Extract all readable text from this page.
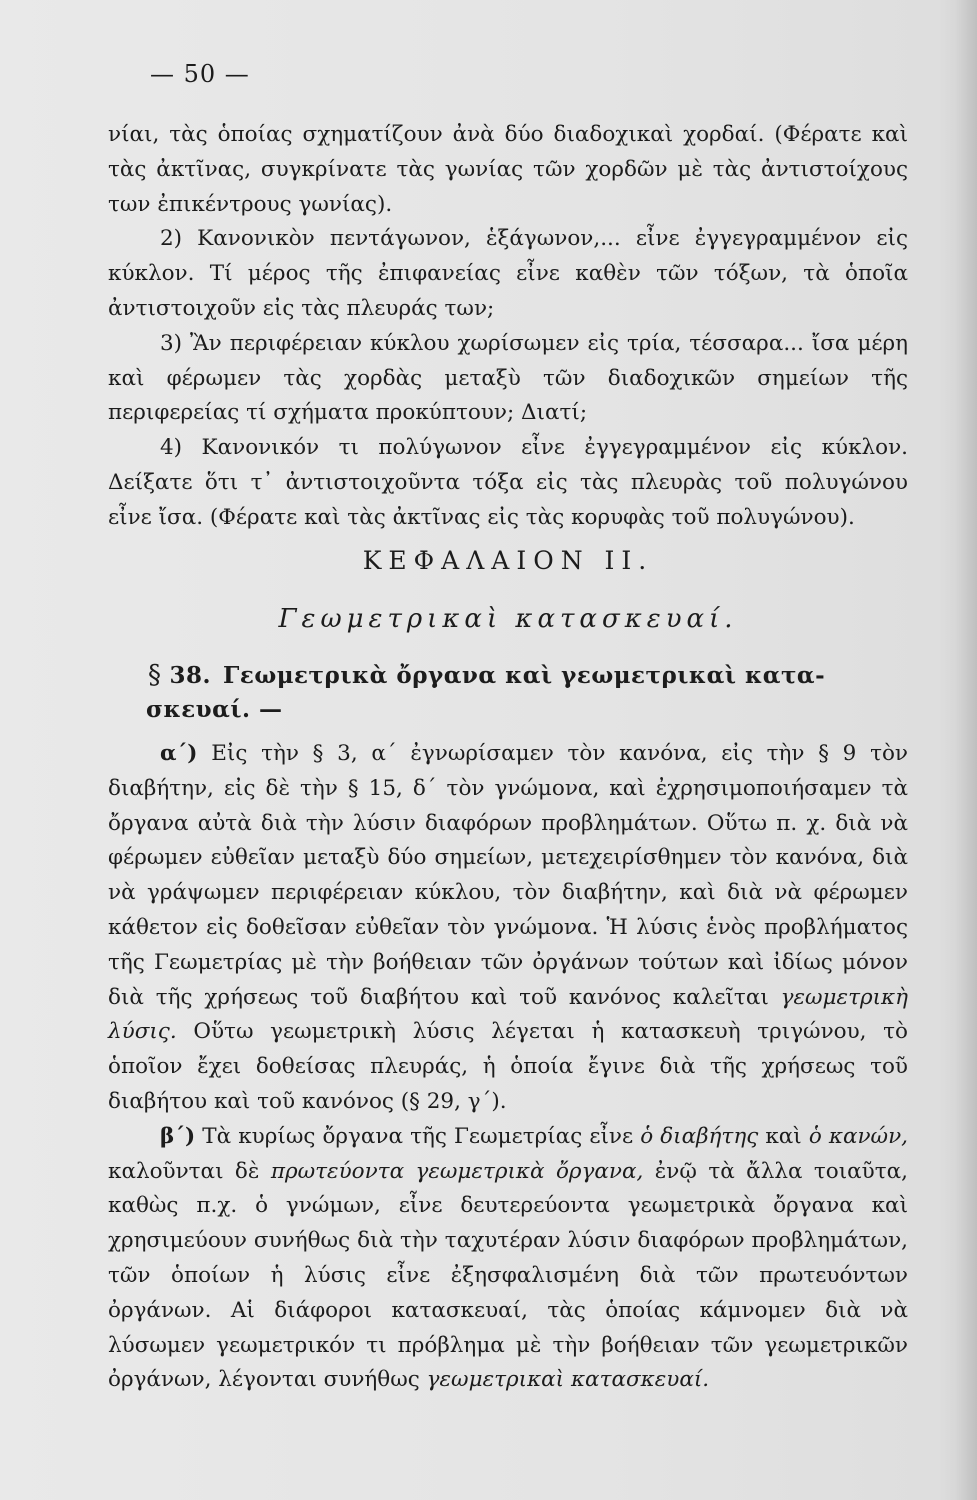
— 50 —

νίαι, τὰς ὁποίας σχηματίζουν ἀνὰ δύο διαδοχικαὶ χορδαί. (Φέρατε καὶ τὰς ἀκτῖνας, συγκρίνατε τὰς γωνίας τῶν χορδῶν μὲ τὰς ἀντιστοίχους των ἐπικέντρους γωνίας).

2) Κανονικὸν πεντάγωνον, ἑξάγωνον,... εἶνε ἐγγεγραμμένον εἰς κύκλον. Τί μέρος τῆς ἐπιφανείας εἶνε καθὲν τῶν τόξων, τὰ ὁποῖα ἀντιστοιχοῦν εἰς τὰς πλευράς των;

3) Ἂν περιφέρειαν κύκλου χωρίσωμεν εἰς τρία, τέσσαρα... ἴσα μέρη καὶ φέρωμεν τὰς χορδὰς μεταξὺ τῶν διαδοχικῶν σημείων τῆς περιφερείας τί σχήματα προκύπτουν; Διατί;

4) Κανονικόν τι πολύγωνον εἶνε ἐγγεγραμμένον εἰς κύκλον. Δείξατε ὅτι τ᾽ ἀντιστοιχοῦντα τόξα εἰς τὰς πλευρὰς τοῦ πολυγώνου εἶνε ἴσα. (Φέρατε καὶ τὰς ἀκτῖνας εἰς τὰς κορυφὰς τοῦ πολυγώνου).

ΚΕΦΑΛΑΙΟΝ ΙΙ.
Γεωμετρικαὶ κατασκευαί.
§ 38. Γεωμετρικὰ ὄργανα καὶ γεωμετρικαὶ κατα-
σκευαί. —

α΄) Εἰς τὴν § 3, α΄ ἐγνωρίσαμεν τὸν κανόνα, εἰς τὴν § 9 τὸν διαβήτην, εἰς δὲ τὴν § 15, δ΄ τὸν γνώμονα, καὶ ἐχρησιμοποιήσαμεν τὰ ὄργανα αὐτὰ διὰ τὴν λύσιν διαφόρων προβλημάτων. Οὕτω π. χ. διὰ νὰ φέρωμεν εὐθεῖαν μεταξὺ δύο σημείων, μετεχειρίσθημεν τὸν κανόνα, διὰ νὰ γράψωμεν περιφέρειαν κύκλου, τὸν διαβήτην, καὶ διὰ νὰ φέρωμεν κάθετον εἰς δοθεῖσαν εὐθεῖαν τὸν γνώμονα. Ἡ λύσις ἑνὸς προβλήματος τῆς Γεωμετρίας μὲ τὴν βοήθειαν τῶν ὀργάνων τούτων καὶ ἰδίως μόνον διὰ τῆς χρήσεως τοῦ διαβήτου καὶ τοῦ κανόνος καλεῖται γεωμετρικὴ λύσις. Οὕτω γεωμετρικὴ λύσις λέγεται ἡ κατασκευὴ τριγώνου, τὸ ὁποῖον ἔχει δοθείσας πλευράς, ἡ ὁποία ἔγινε διὰ τῆς χρήσεως τοῦ διαβήτου καὶ τοῦ κανόνος (§ 29, γ΄).

β΄) Τὰ κυρίως ὄργανα τῆς Γεωμετρίας εἶνε ὁ διαβήτης καὶ ὁ κανών, καλοῦνται δὲ πρωτεύοντα γεωμετρικὰ ὄργανα, ἐνῷ τὰ ἄλλα τοιαῦτα, καθὼς π.χ. ὁ γνώμων, εἶνε δευτερεύοντα γεωμετρικὰ ὄργανα καὶ χρησιμεύουν συνήθως διὰ τὴν ταχυτέραν λύσιν διαφόρων προβλημάτων, τῶν ὁποίων ἡ λύσις εἶνε ἐξησφαλισμένη διὰ τῶν πρωτευόντων ὀργάνων. Αἱ διάφοροι κατασκευαί, τὰς ὁποίας κάμνομεν διὰ νὰ λύσωμεν γεωμετρικόν τι πρόβλημα μὲ τὴν βοήθειαν τῶν γεωμετρικῶν ὀργάνων, λέγονται συνήθως γεωμετρικαὶ κατασκευαί.
